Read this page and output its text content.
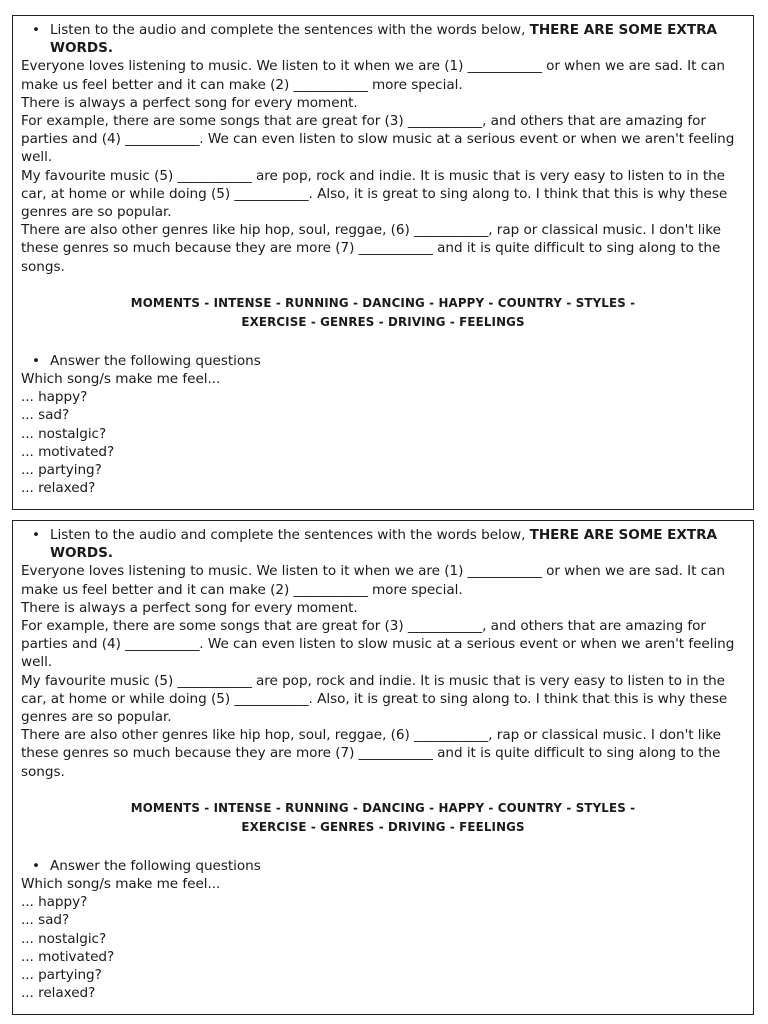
• Listen to the audio and complete the sentences with the words below, THERE ARE SOME EXTRA WORDS.
Everyone loves listening to music. We listen to it when we are (1) ___________ or when we are sad. It can make us feel better and it can make (2) ___________ more special.
There is always a perfect song for every moment.
For example, there are some songs that are great for (3) ___________, and others that are amazing for parties and (4) ___________. We can even listen to slow music at a serious event or when we aren't feeling well.
My favourite music (5) ___________ are pop, rock and indie. It is music that is very easy to listen to in the car, at home or while doing (5) ___________. Also, it is great to sing along to. I think that this is why these genres are so popular.
There are also other genres like hip hop, soul, reggae, (6) ___________, rap or classical music. I don't like these genres so much because they are more (7) ___________ and it is quite difficult to sing along to the songs.
MOMENTS - INTENSE - RUNNING - DANCING - HAPPY - COUNTRY - STYLES -
EXERCISE - GENRES - DRIVING - FEELINGS
• Answer the following questions
Which song/s make me feel...
... happy?
... sad?
... nostalgic?
... motivated?
... partying?
... relaxed?
• Listen to the audio and complete the sentences with the words below, THERE ARE SOME EXTRA WORDS.
Everyone loves listening to music. We listen to it when we are (1) ___________ or when we are sad. It can make us feel better and it can make (2) ___________ more special.
There is always a perfect song for every moment.
For example, there are some songs that are great for (3) ___________, and others that are amazing for parties and (4) ___________. We can even listen to slow music at a serious event or when we aren't feeling well.
My favourite music (5) ___________ are pop, rock and indie. It is music that is very easy to listen to in the car, at home or while doing (5) ___________. Also, it is great to sing along to. I think that this is why these genres are so popular.
There are also other genres like hip hop, soul, reggae, (6) ___________, rap or classical music. I don't like these genres so much because they are more (7) ___________ and it is quite difficult to sing along to the songs.
MOMENTS - INTENSE - RUNNING - DANCING - HAPPY - COUNTRY - STYLES -
EXERCISE - GENRES - DRIVING - FEELINGS
• Answer the following questions
Which song/s make me feel...
... happy?
... sad?
... nostalgic?
... motivated?
... partying?
... relaxed?
